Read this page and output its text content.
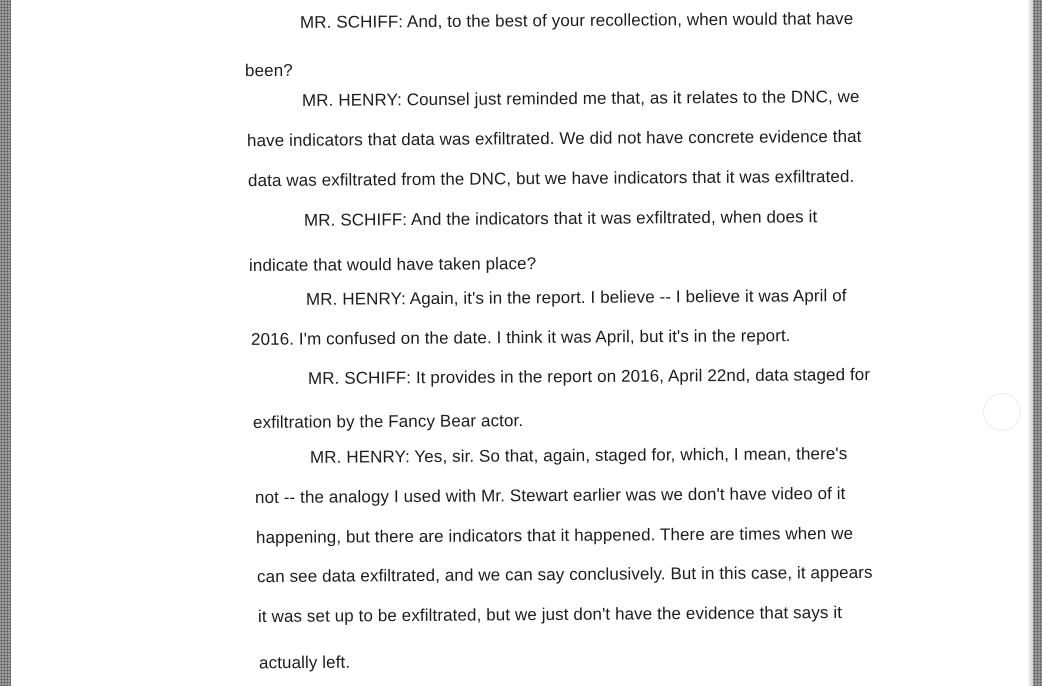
MR. SCHIFF: And, to the best of your recollection, when would that have
been?
MR. HENRY: Counsel just reminded me that, as it relates to the DNC, we
have indicators that data was exfiltrated. We did not have concrete evidence that
data was exfiltrated from the DNC, but we have indicators that it was exfiltrated.
MR. SCHIFF: And the indicators that it was exfiltrated, when does it
indicate that would have taken place?
MR. HENRY: Again, it's in the report. I believe -- I believe it was April of
2016. I'm confused on the date. I think it was April, but it's in the report.
MR. SCHIFF: It provides in the report on 2016, April 22nd, data staged for
exfiltration by the Fancy Bear actor.
MR. HENRY: Yes, sir. So that, again, staged for, which, I mean, there's
not -- the analogy I used with Mr. Stewart earlier was we don't have video of it
happening, but there are indicators that it happened. There are times when we
can see data exfiltrated, and we can say conclusively. But in this case, it appears
it was set up to be exfiltrated, but we just don't have the evidence that says it
actually left.
